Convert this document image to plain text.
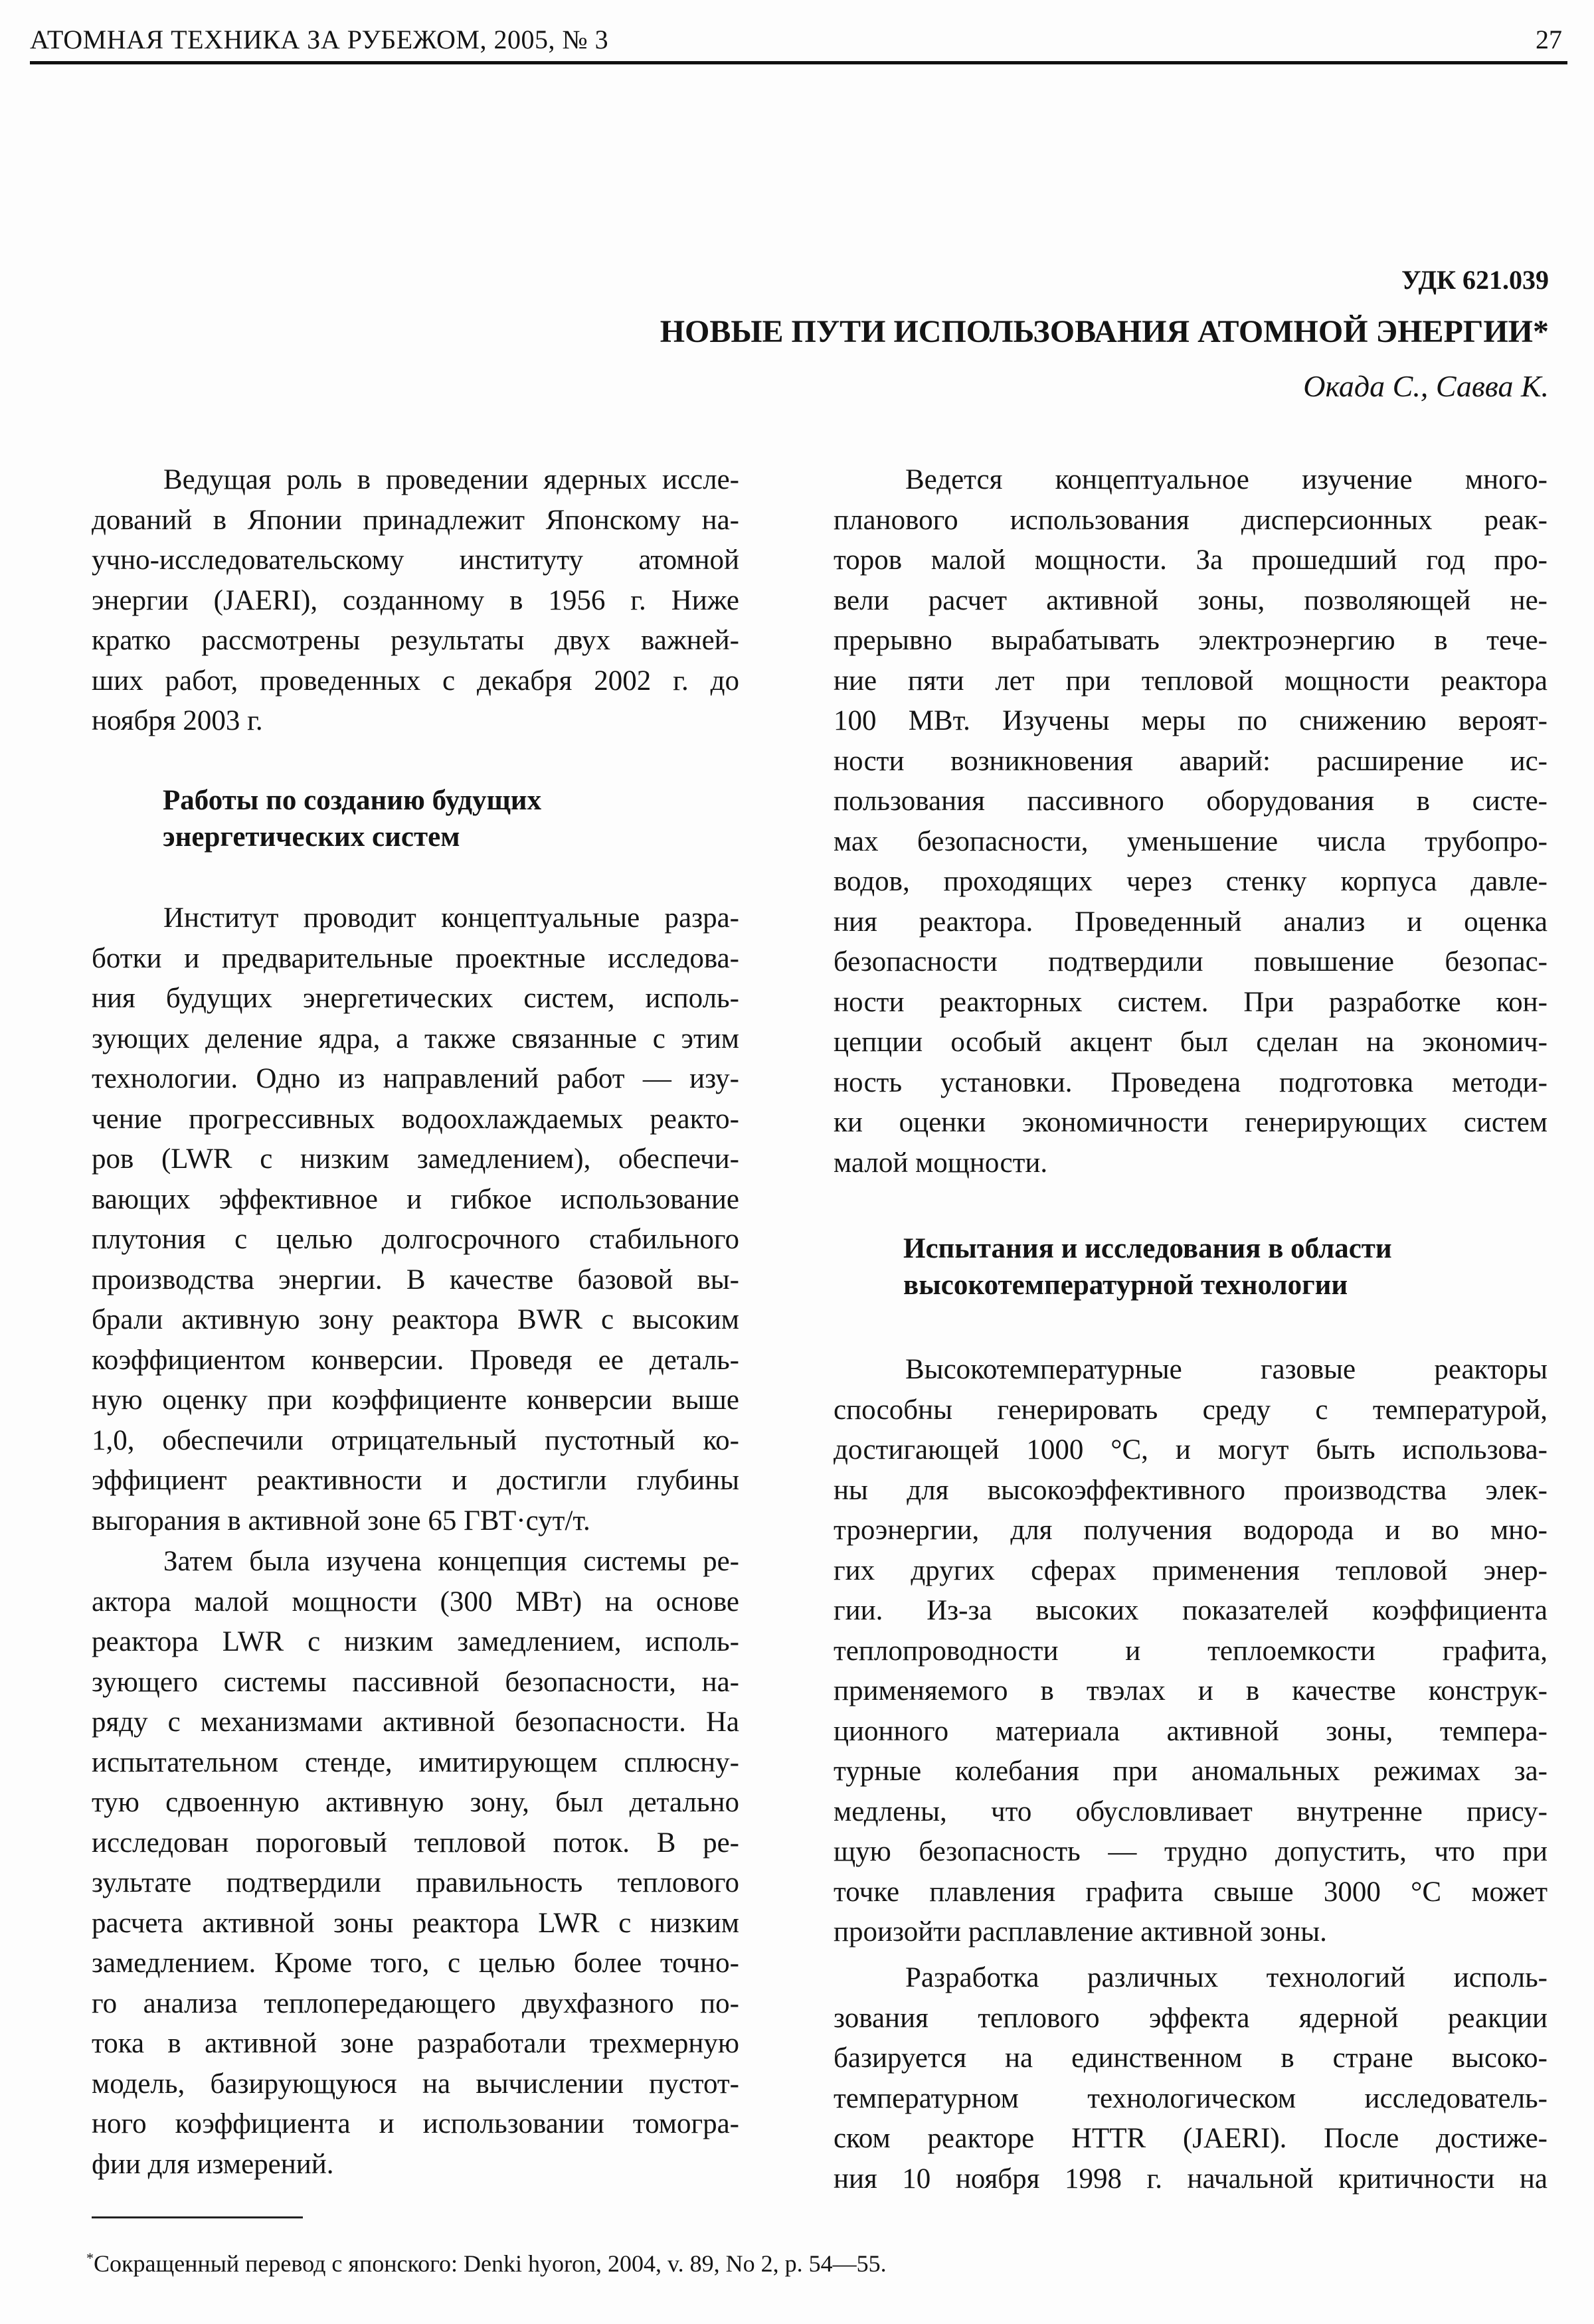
АТОМНАЯ ТЕХНИКА ЗА РУБЕЖОМ, 2005, № 3	27
УДК 621.039
НОВЫЕ ПУТИ ИСПОЛЬЗОВАНИЯ АТОМНОЙ ЭНЕРГИИ*
Окада С., Савва К.
Ведущая роль в проведении ядерных иссле-
дований в Японии принадлежит Японскому на-
учно-исследовательскому институту атомной
энергии (JAERI), созданному в 1956 г. Ниже
кратко рассмотрены результаты двух важней-
ших работ, проведенных с декабря 2002 г. до
ноября 2003 г.
Работы по созданию будущих
энергетических систем
Институт проводит концептуальные разра-
ботки и предварительные проектные исследова-
ния будущих энергетических систем, исполь-
зующих деление ядра, а также связанные с этим
технологии. Одно из направлений работ — изу-
чение прогрессивных водоохлаждаемых реакто-
ров (LWR с низким замедлением), обеспечи-
вающих эффективное и гибкое использование
плутония с целью долгосрочного стабильного
производства энергии. В качестве базовой вы-
брали активную зону реактора BWR с высоким
коэффициентом конверсии. Проведя ее деталь-
ную оценку при коэффициенте конверсии выше
1,0, обеспечили отрицательный пустотный ко-
эффициент реактивности и достигли глубины
выгорания в активной зоне 65 ГВТ·сут/т.
Затем была изучена концепция системы ре-
актора малой мощности (300 МВт) на основе
реактора LWR с низким замедлением, исполь-
зующего системы пассивной безопасности, на-
ряду с механизмами активной безопасности. На
испытательном стенде, имитирующем сплюсну-
тую сдвоенную активную зону, был детально
исследован пороговый тепловой поток. В ре-
зультате подтвердили правильность теплового
расчета активной зоны реактора LWR с низким
замедлением. Кроме того, с целью более точно-
го анализа теплопередающего двухфазного по-
тока в активной зоне разработали трехмерную
модель, базирующуюся на вычислении пустот-
ного коэффициента и использовании томогра-
фии для измерений.
Ведется концептуальное изучение много-
планового использования дисперсионных реак-
торов малой мощности. За прошедший год про-
вели расчет активной зоны, позволяющей не-
прерывно вырабатывать электроэнергию в тече-
ние пяти лет при тепловой мощности реактора
100 МВт. Изучены меры по снижению вероят-
ности возникновения аварий: расширение ис-
пользования пассивного оборудования в систе-
мах безопасности, уменьшение числа трубопро-
водов, проходящих через стенку корпуса давле-
ния реактора. Проведенный анализ и оценка
безопасности подтвердили повышение безопас-
ности реакторных систем. При разработке кон-
цепции особый акцент был сделан на экономич-
ность установки. Проведена подготовка методи-
ки оценки экономичности генерирующих систем
малой мощности.
Испытания и исследования в области
высокотемпературной технологии
Высокотемпературные газовые реакторы
способны генерировать среду с температурой,
достигающей 1000 °С, и могут быть использова-
ны для высокоэффективного производства элек-
троэнергии, для получения водорода и во мно-
гих других сферах применения тепловой энер-
гии. Из-за высоких показателей коэффициента
теплопроводности и теплоемкости графита,
применяемого в твэлах и в качестве конструк-
ционного материала активной зоны, темпера-
турные колебания при аномальных режимах за-
медлены, что обусловливает внутренне прису-
щую безопасность — трудно допустить, что при
точке плавления графита свыше 3000 °С может
произойти расплавление активной зоны.
Разработка различных технологий исполь-
зования теплового эффекта ядерной реакции
базируется на единственном в стране высоко-
температурном технологическом исследователь-
ском реакторе HTTR (JAERI). После достиже-
ния 10 ноября 1998 г. начальной критичности на
*Сокращенный перевод с японского: Denki hyoron, 2004, v. 89, No 2, p. 54—55.
